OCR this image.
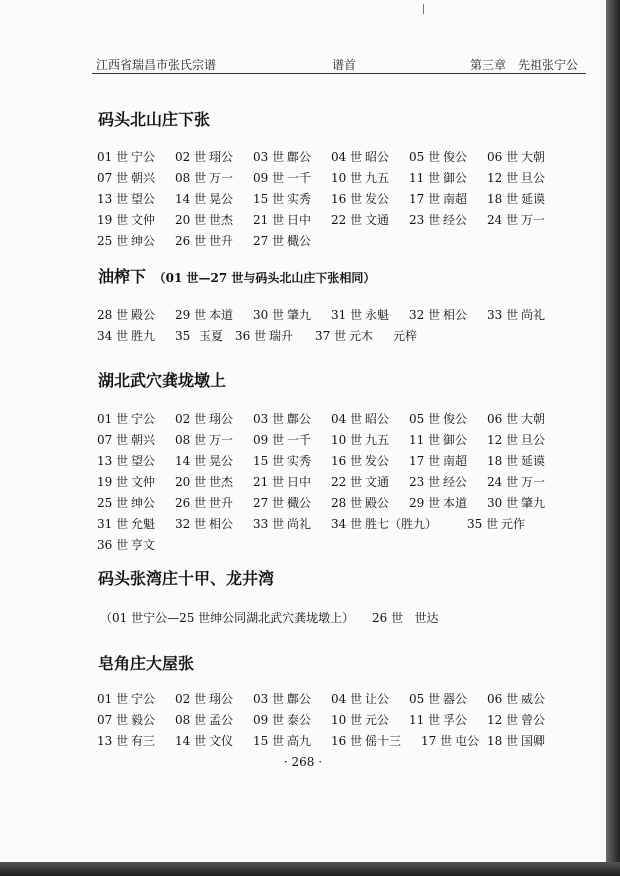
江西省瑞昌市张氏宗谱	谱首	第三章　先祖张宁公
码头北山庄下张
01 世 宁公 02 世 珝公 03 世 鄜公 04 世 昭公 05 世 俊公 06 世 大朝
07 世 朝兴 08 世 万一 09 世 一千 10 世 九五 11 世 御公 12 世 旦公
13 世 望公 14 世 晃公 15 世 实秀 16 世 发公 17 世 南超 18 世 延谟
19 世 文仲 20 世 世杰 21 世 日中 22 世 文通 23 世 经公 24 世 万一
25 世 绅公 26 世 世升 27 世 檝公
油榨下 （01 世—27 世与码头北山庄下张相同）
28 世 殿公 29 世 本道 30 世 肇九 31 世 永魁 32 世 相公 33 世 尚礼
34 世 胜九 35 玉夏 36 世 瑞升 37 世 元木 元梓
湖北武穴龚垅墩上
01 世 宁公 02 世 珝公 03 世 鄜公 04 世 昭公 05 世 俊公 06 世 大朝
07 世 朝兴 08 世 万一 09 世 一千 10 世 九五 11 世 御公 12 世 旦公
13 世 望公 14 世 晃公 15 世 实秀 16 世 发公 17 世 南超 18 世 延谟
19 世 文仲 20 世 世杰 21 世 日中 22 世 文通 23 世 经公 24 世 万一
25 世 绅公 26 世 世升 27 世 檝公 28 世 殿公 29 世 本道 30 世 肇九
31 世 允魁 32 世 相公 33 世 尚礼 34 世 胜七（胜九） 35 世 元作
36 世 亨文
码头张湾庄十甲、龙井湾
（01 世宁公—25 世绅公同湖北武穴龚垅墩上） 26 世 世达
皂角庄大屋张
01 世 宁公 02 世 珝公 03 世 鄜公 04 世 让公 05 世 器公 06 世 威公
07 世 毅公 08 世 孟公 09 世 泰公 10 世 元公 11 世 孚公 12 世 曾公
13 世 有三 14 世 文仪 15 世 高九 16 世 傜十三 17 世 屯公 18 世 国卿
· 268 ·
